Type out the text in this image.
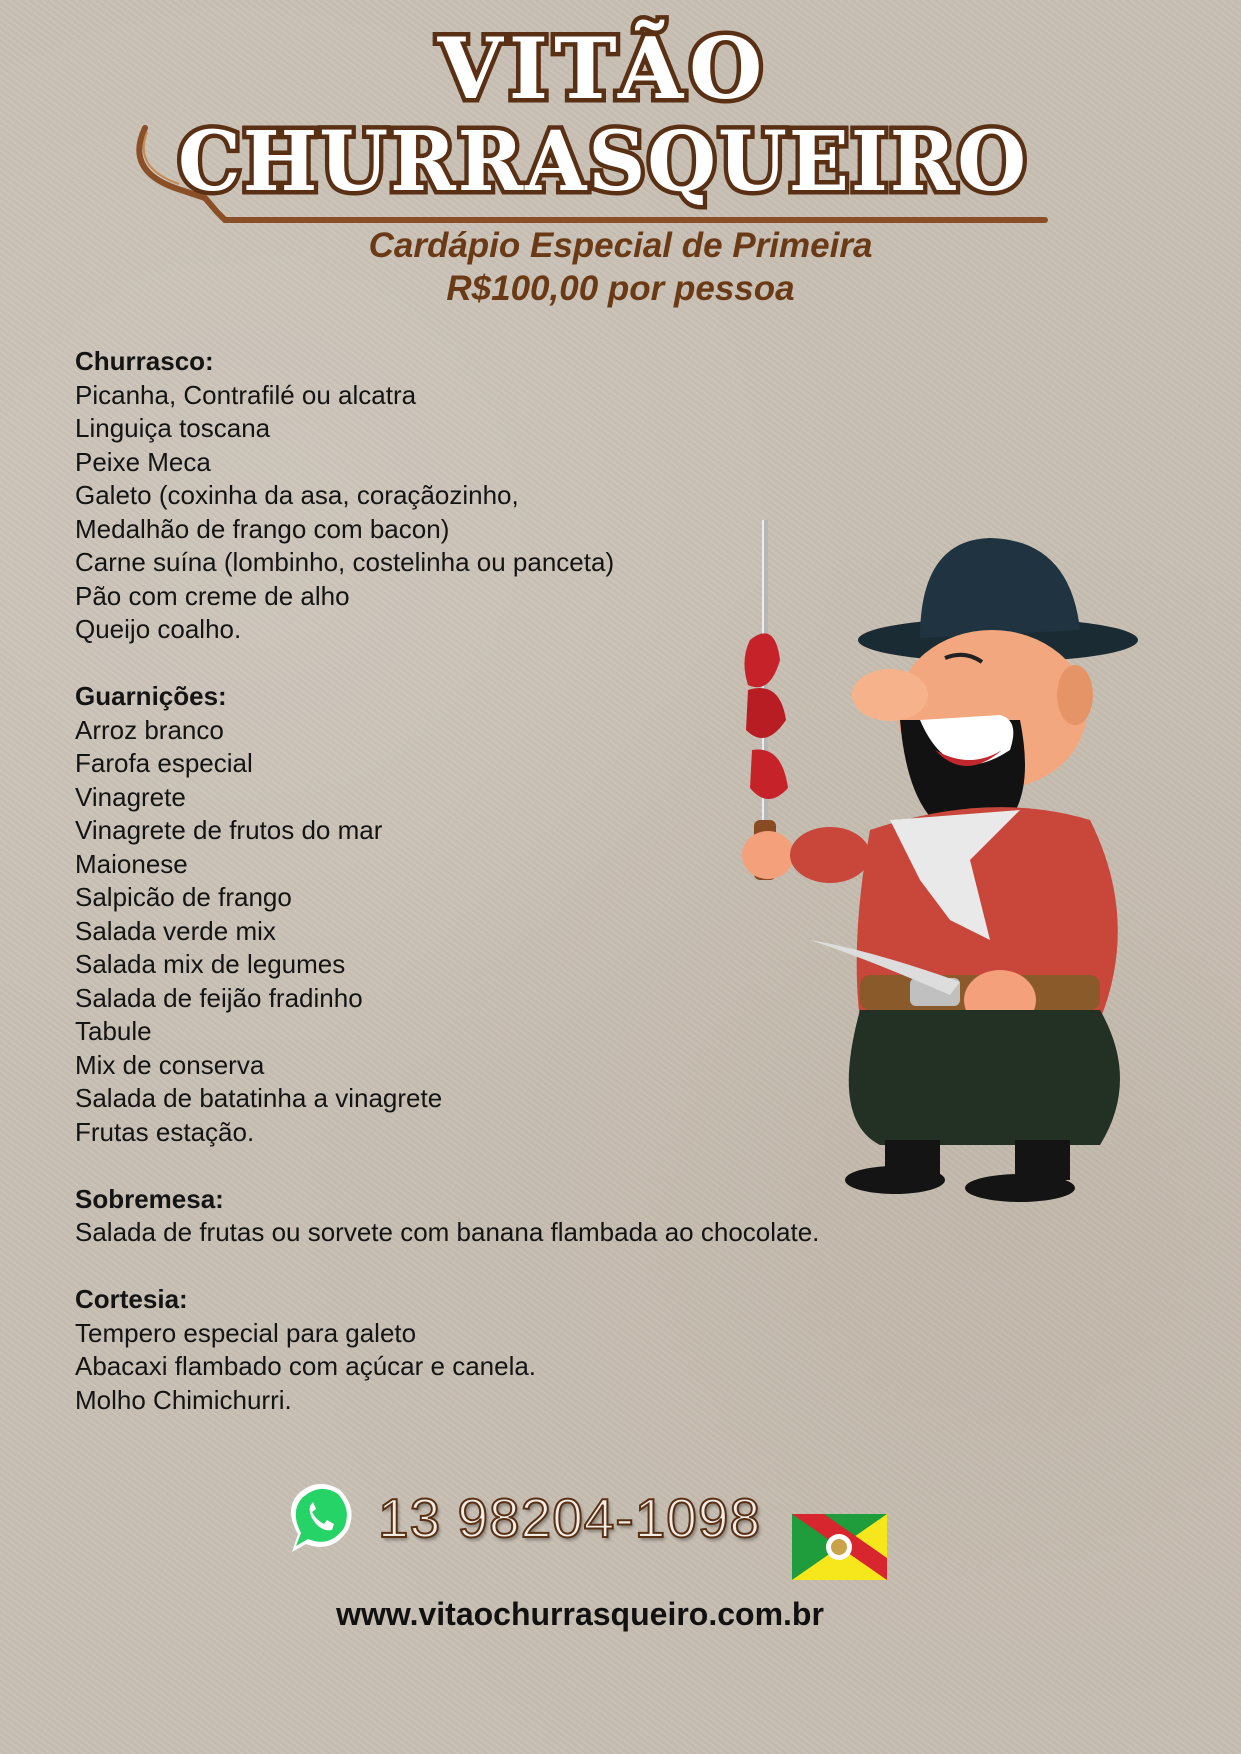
VITÃO
CHURRASQUEIRO
Cardápio Especial de Primeira
R$100,00 por pessoa
Churrasco:
Picanha, Contrafilé ou alcatra
Linguiça toscana
Peixe Meca
Galeto (coxinha da asa, coraçãozinho,
Medalhão de frango com bacon)
Carne suína (lombinho, costelinha ou panceta)
Pão com creme de alho
Queijo coalho.
Guarnições:
Arroz branco
Farofa especial
Vinagrete
Vinagrete de frutos do mar
Maionese
Salpicão de frango
Salada verde mix
Salada mix de legumes
Salada de feijão fradinho
Tabule
Mix de conserva
Salada de batatinha a vinagrete
Frutas estação.
Sobremesa:
Salada de frutas ou sorvete com banana flambada ao chocolate.
Cortesia:
Tempero especial para galeto
Abacaxi flambado com açúcar e canela.
Molho Chimichurri.
13 98204-1098
www.vitaochurrasqueiro.com.br
